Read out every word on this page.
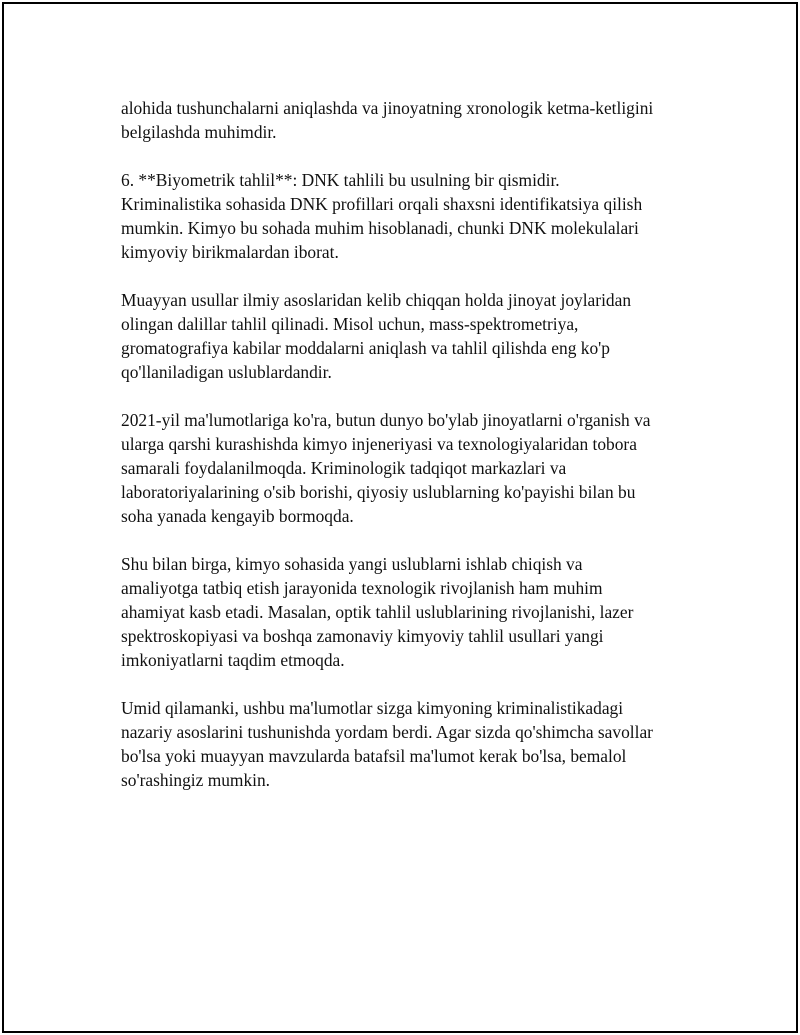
alohida tushunchalarni aniqlashda va jinoyatning xronologik ketma-ketligini
belgilashda muhimdir.

6. **Biyometrik tahlil**: DNK tahlili bu usulning bir qismidir.
Kriminalistika sohasida DNK profillari orqali shaxsni identifikatsiya qilish
mumkin. Kimyo bu sohada muhim hisoblanadi, chunki DNK molekulalari
kimyoviy birikmalardan iborat.

Muayyan usullar ilmiy asoslaridan kelib chiqqan holda jinoyat joylaridan
olingan dalillar tahlil qilinadi. Misol uchun, mass-spektrometriya,
gromatografiya kabilar moddalarni aniqlash va tahlil qilishda eng ko'p
qo'llaniladigan uslublardandir.

2021-yil ma'lumotlariga ko'ra, butun dunyo bo'ylab jinoyatlarni o'rganish va
ularga qarshi kurashishda kimyo injeneriyasi va texnologiyalaridan tobora
samarali foydalanilmoqda. Kriminologik tadqiqot markazlari va
laboratoriyalarining o'sib borishi, qiyosiy uslublarning ko'payishi bilan bu
soha yanada kengayib bormoqda.

Shu bilan birga, kimyo sohasida yangi uslublarni ishlab chiqish va
amaliyotga tatbiq etish jarayonida texnologik rivojlanish ham muhim
ahamiyat kasb etadi. Masalan, optik tahlil uslublarining rivojlanishi, lazer
spektroskopiyasi va boshqa zamonaviy kimyoviy tahlil usullari yangi
imkoniyatlarni taqdim etmoqda.

Umid qilamanki, ushbu ma'lumotlar sizga kimyoning kriminalistikadagi
nazariy asoslarini tushunishda yordam berdi. Agar sizda qo'shimcha savollar
bo'lsa yoki muayyan mavzularda batafsil ma'lumot kerak bo'lsa, bemalol
so'rashingiz mumkin.
